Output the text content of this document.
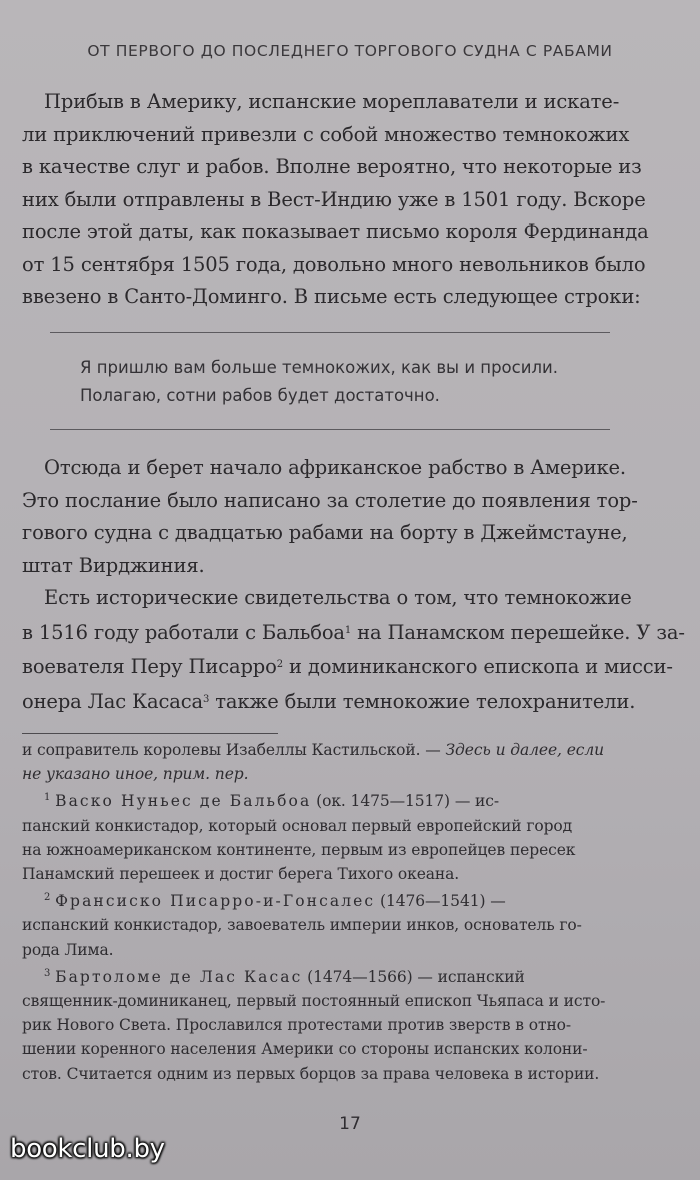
ОТ ПЕРВОГО ДО ПОСЛЕДНЕГО ТОРГОВОГО СУДНА С РАБАМИ
Прибыв в Америку, испанские мореплаватели и искате-
ли приключений привезли с собой множество темнокожих
в качестве слуг и рабов. Вполне вероятно, что некоторые из
них были отправлены в Вест-Индию уже в 1501 году. Вскоре
после этой даты, как показывает письмо короля Фердинанда
от 15 сентября 1505 года, довольно много невольников было
ввезено в Санто-Доминго. В письме есть следующее строки:
Я пришлю вам больше темнокожих, как вы и просили.
Полагаю, сотни рабов будет достаточно.
Отсюда и берет начало африканское рабство в Америке.
Это послание было написано за столетие до появления тор-
гового судна с двадцатью рабами на борту в Джеймстауне,
штат Вирджиния.
Есть исторические свидетельства о том, что темнокожие
в 1516 году работали с Бальбоа$^1$ на Панамском перешейке. У за-
воевателя Перу Писарро$^2$ и доминиканского епископа и мисси-
онера Лас Касаса$^3$ также были темнокожие телохранители.
и соправитель королевы Изабеллы Кастильской. — Здесь и далее, если
не указано иное, прим. пер.
$^1$ Васко Нуньес де Бальбоа (ок. 1475—1517) — ис-
панский конкистадор, который основал первый европейский город
на южноамериканском континенте, первым из европейцев пересек
Панамский перешеек и достиг берега Тихого океана.
$^2$ Франсиско Писарро-и-Гонсалес (1476—1541) —
испанский конкистадор, завоеватель империи инков, основатель го-
рода Лима.
$^3$ Бартоломе де Лас Касас (1474—1566) — испанский
священник-доминиканец, первый постоянный епископ Чьяпаса и исто-
рик Нового Света. Прославился протестами против зверств в отно-
шении коренного населения Америки со стороны испанских колони-
стов. Считается одним из первых борцов за права человека в истории.
17
bookclub.by
